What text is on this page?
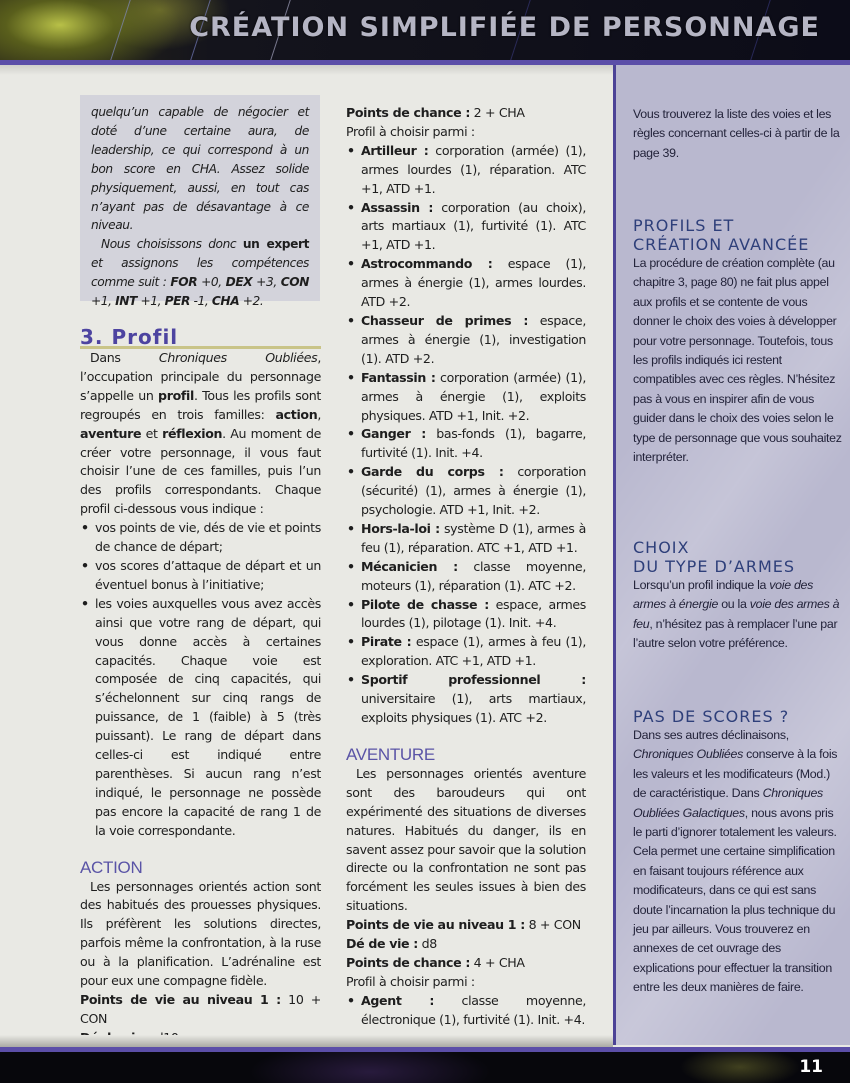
CRÉATION SIMPLIFIÉE DE PERSONNAGE
quelqu’un capable de négocier et doté d’une certaine aura, de leadership, ce qui correspond à un bon score en CHA. Assez solide physiquement, aussi, en tout cas n’ayant pas de désavantage à ce niveau.
Nous choisissons donc un expert et assignons les compétences comme suit : FOR +0, DEX +3, CON +1, INT +1, PER -1, CHA +2.
3. Profil

Dans Chroniques Oubliées, l’occupation principale du personnage s’appelle un profil. Tous les profils sont regroupés en trois familles: action, aventure et réflexion. Au moment de créer votre personnage, il vous faut choisir l’une de ces familles, puis l’un des profils correspondants. Chaque profil ci-dessous vous indique :

• vos points de vie, dés de vie et points de chance de départ;
• vos scores d’attaque de départ et un éventuel bonus à l’initiative;
• les voies auxquelles vous avez accès ainsi que votre rang de départ, qui vous donne accès à certaines capacités. Chaque voie est composée de cinq capacités, qui s’échelonnent sur cinq rangs de puissance, de 1 (faible) à 5 (très puissant). Le rang de départ dans celles-ci est indiqué entre parenthèses. Si aucun rang n’est indiqué, le personnage ne possède pas encore la capacité de rang 1 de la voie correspondante.
ACTION

Les personnages orientés action sont des habitués des prouesses physiques. Ils préfèrent les solutions directes, parfois même la confrontation, à la ruse ou à la planification. L’adrénaline est pour eux une compagne fidèle.

Points de vie au niveau 1 : 10 + CON

Points de chance : 2 + CHA

Profil à choisir parmi :

• Artilleur : corporation (armée) (1), armes lourdes (1), réparation. ATC +1, ATD +1.
• Assassin : corporation (au choix), arts martiaux (1), furtivité (1). ATC +1, ATD +1.
• Astrocommando : espace (1), armes à énergie (1), armes lourdes. ATD +2.
• Chasseur de primes : espace, armes à énergie (1), investigation (1). ATD +2.
• Fantassin : corporation (armée) (1), armes à énergie (1), exploits physiques. ATD +1, Init. +2.
• Ganger : bas-fonds (1), bagarre, furtivité (1). Init. +4.
• Garde du corps : corporation (sécurité) (1), armes à énergie (1), psychologie. ATD +1, Init. +2.
• Hors-la-loi : système D (1), armes à feu (1), réparation. ATC +1, ATD +1.
• Mécanicien : classe moyenne, moteurs (1), réparation (1). ATC +2.
• Pilote de chasse : espace, armes lourdes (1), pilotage (1). Init. +4.
• Pirate : espace (1), armes à feu (1), exploration. ATC +1, ATD +1.
• Sportif professionnel : universitaire (1), arts martiaux, exploits physiques (1). ATC +2.
AVENTURE

Les personnages orientés aventure sont des baroudeurs qui ont expérimenté des situations de diverses natures. Habitués du danger, ils en savent assez pour savoir que la solution directe ou la confrontation ne sont pas forcément les seules issues à bien des situations.

Points de vie au niveau 1 : 8 + CON

Dé de vie : d8

Points de chance : 4 + CHA

Profil à choisir parmi :

• Agent : classe moyenne, électronique (1), furtivité (1). Init. +4.
Vous trouverez la liste des voies et les règles concernant celles-ci à partir de la page 39.
PROFILS ET
CRÉATION AVANCÉE
La procédure de création complète (au chapitre 3, page 80) ne fait plus appel aux profils et se contente de vous donner le choix des voies à développer pour votre personnage. Toutefois, tous les profils indiqués ici restent compatibles avec ces règles. N’hésitez pas à vous en inspirer afin de vous guider dans le choix des voies selon le type de personnage que vous souhaitez interpréter.
CHOIX
DU TYPE D’ARMES
Lorsqu’un profil indique la voie des armes à énergie ou la voie des armes à feu, n’hésitez pas à remplacer l’une par l’autre selon votre préférence.
PAS DE SCORES ?
Dans ses autres déclinaisons, Chroniques Oubliées conserve à la fois les valeurs et les modificateurs (Mod.) de caractéristique. Dans Chroniques Oubliées Galactiques, nous avons pris le parti d’ignorer totalement les valeurs. Cela permet une certaine simplification en faisant toujours référence aux modificateurs, dans ce qui est sans doute l’incarnation la plus technique du jeu par ailleurs. Vous trouverez en annexes de cet ouvrage des explications pour effectuer la transition entre les deux manières de faire.
11
